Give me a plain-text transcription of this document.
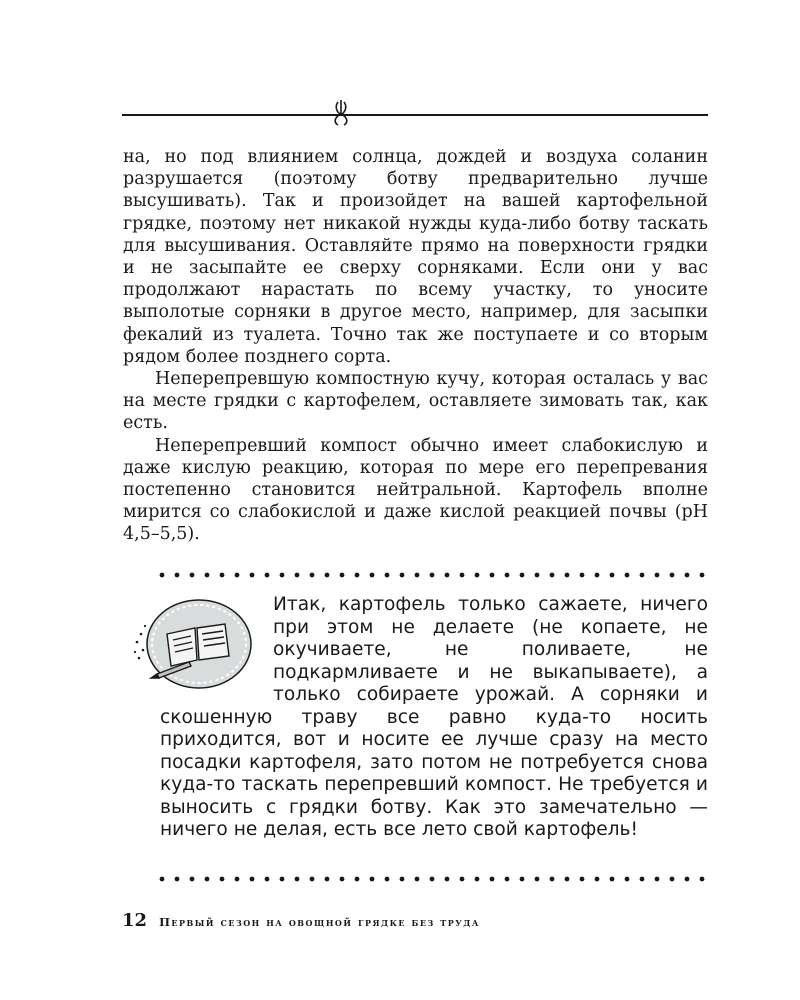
на, но под влиянием солнца, дождей и воздуха соланин разрушается (поэтому ботву предварительно лучше высушивать). Так и произойдет на вашей картофельной грядке, поэтому нет никакой нужды куда-либо ботву таскать для высушивания. Оставляйте прямо на поверхности грядки и не засыпайте ее сверху сорняками. Если они у вас продолжают нарастать по всему участку, то уносите выполотые сорняки в другое место, например, для засыпки фекалий из туалета. Точно так же поступаете и со вторым рядом более позднего сорта.

Неперепревшую компостную кучу, которая осталась у вас на месте грядки с картофелем, оставляете зимовать так, как есть.

Неперепревший компост обычно имеет слабокислую и даже кислую реакцию, которая по мере его перепревания постепенно становится нейтральной. Картофель вполне мирится со слабокислой и даже кислой реакцией почвы (рН 4,5–5,5).

Итак, картофель только сажаете, ничего при этом не делаете (не копаете, не окучиваете, не поливаете, не подкармливаете и не выкапываете), а только собираете урожай. А сорняки и скошенную траву все равно куда-то носить приходится, вот и носите ее лучше сразу на место посадки картофеля, зато потом не потребуется снова куда-то таскать перепревший компост. Не требуется и выносить с грядки ботву. Как это замечательно — ничего не делая, есть все лето свой картофель!

12 Первый сезон на овощной грядке без труда
